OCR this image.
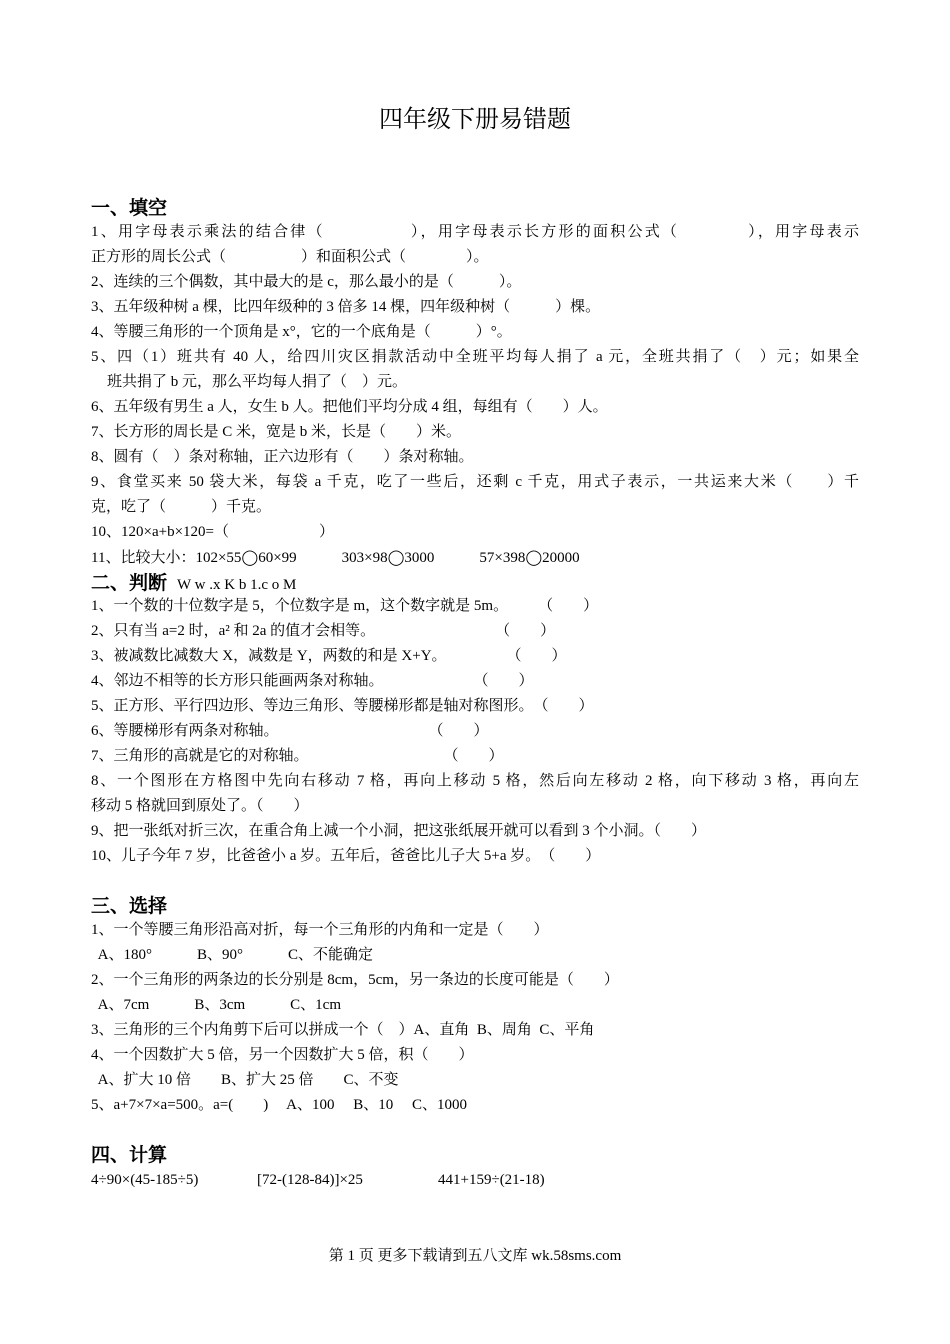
四年级下册易错题
一、填空
1、用字母表示乘法的结合律（　　　　　），用字母表示长方形的面积公式（　　　　），用字母表示
正方形的周长公式（　　　　　）和面积公式（　　　　）。
2、连续的三个偶数，其中最大的是 c，那么最小的是（　　　）。
3、五年级种树 a 棵，比四年级种的 3 倍多 14 棵，四年级种树（　　　）棵。
4、等腰三角形的一个顶角是 x°，它的一个底角是（　　　）°。
5、四（1）班共有 40 人，给四川灾区捐款活动中全班平均每人捐了 a 元，全班共捐了（　）元；如果全
班共捐了 b 元，那么平均每人捐了（　）元。
6、五年级有男生 a 人，女生 b 人。把他们平均分成 4 组，每组有（　　）人。
7、长方形的周长是 C 米，宽是 b 米，长是（　　）米。
8、圆有（　）条对称轴，正六边形有（　　）条对称轴。
9、食堂买来 50 袋大米，每袋 a 千克，吃了一些后，还剩 c 千克，用式子表示，一共运来大米（　　）千
克，吃了（　　　）千克。
10、120×a+b×120=（　　　　　　）
11、比较大小：102×55◯60×99　　　303×98◯3000　　　57×398◯20000
二、判断 W w .x K b 1.c o M
1、一个数的十位数字是 5，个位数字是 m，这个数字就是 5m。　　　（　　）
2、只有当 a=2 时，a² 和 2a 的值才会相等。　　　　　　　　　（　　）
3、被减数比减数大 X，减数是 Y，两数的和是 X+Y。　　　　　（　　）
4、邻边不相等的长方形只能画两条对称轴。　　　　　　　（　　）
5、正方形、平行四边形、等边三角形、等腰梯形都是轴对称图形。　（　　）
6、等腰梯形有两条对称轴。　　　　　　　　　　　（　　）
7、三角形的高就是它的对称轴。　　　　　　　　　　（　　）
8、一个图形在方格图中先向右移动 7 格，再向上移动 5 格，然后向左移动 2 格，向下移动 3 格，再向左
移动 5 格就回到原处了。（　　）
9、把一张纸对折三次，在重合角上减一个小洞，把这张纸展开就可以看到 3 个小洞。（　　）
10、儿子今年 7 岁，比爸爸小 a 岁。五年后，爸爸比儿子大 5+a 岁。　（　　）
三、选择
1、一个等腰三角形沿高对折，每一个三角形的内角和一定是（　　）
A、180°　　　B、90°　　　C、不能确定
2、一个三角形的两条边的长分别是 8cm，5cm，另一条边的长度可能是（　　）
A、7cm　　　B、3cm　　　C、1cm
3、三角形的三个内角剪下后可以拼成一个（　）A、直角  B、周角  C、平角
4、一个因数扩大 5 倍，另一个因数扩大 5 倍，积（　　）
A、扩大 10 倍　　B、扩大 25 倍　　C、不变
5、a+7×7×a=500。a=(　　)　 A、100　 B、10　 C、1000
四、计算
4÷90×(45-185÷5)	[72-(128-84)]×25	441+159÷(21-18)
第 1 页 更多下载请到五八文库 wk.58sms.com
